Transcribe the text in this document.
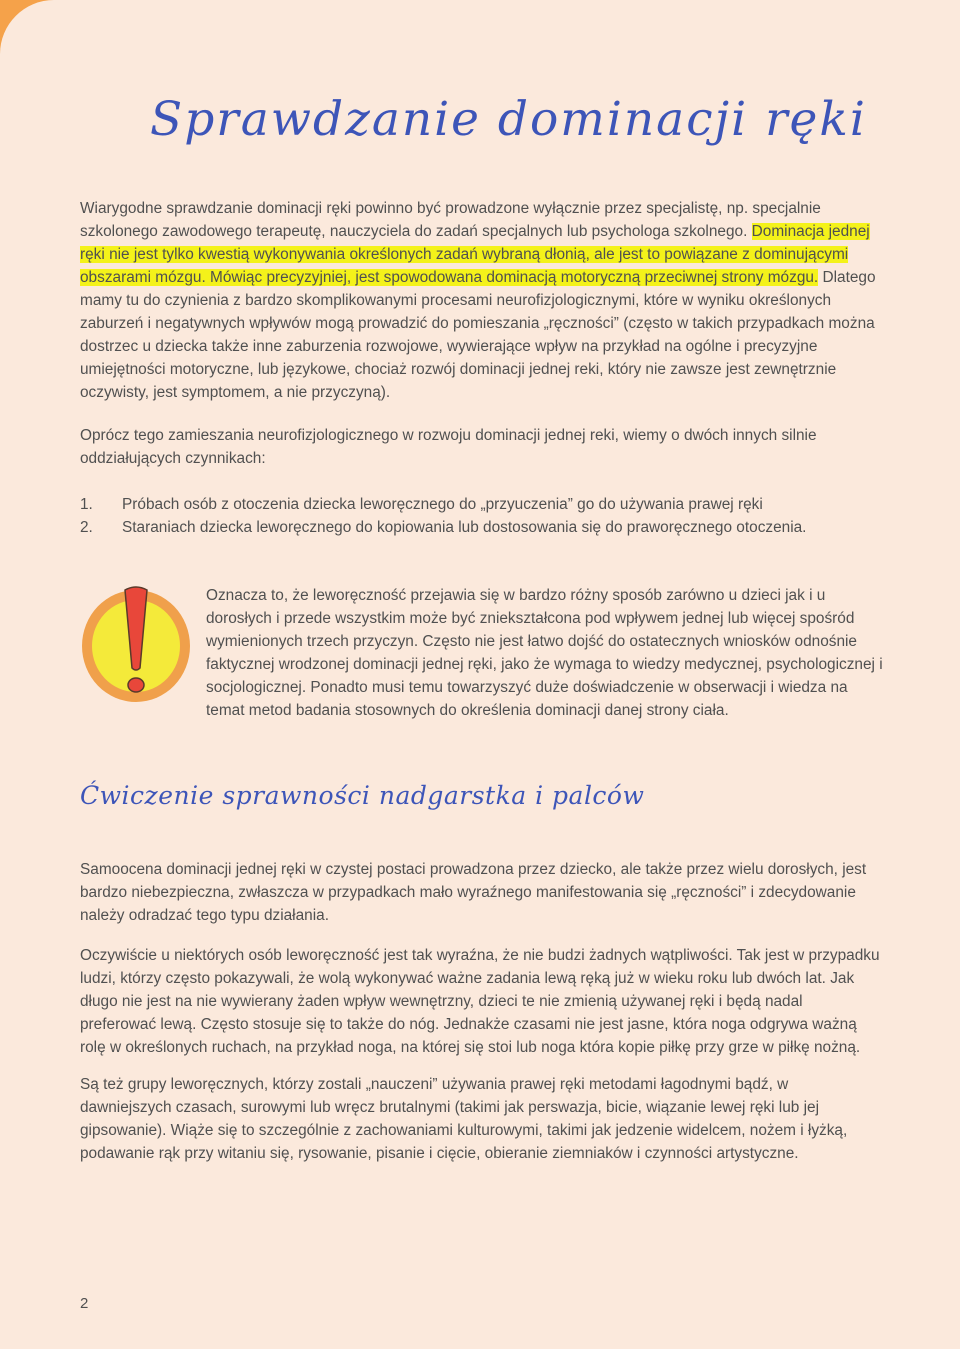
Sprawdzanie dominacji ręki

Wiarygodne sprawdzanie dominacji ręki powinno być prowadzone wyłącznie przez specjalistę, np. specjalnie szkolonego zawodowego terapeutę, nauczyciela do zadań specjalnych lub psychologa szkolnego. Dominacja jednej ręki nie jest tylko kwestią wykonywania określonych zadań wybraną dłonią, ale jest to powiązane z dominującymi obszarami mózgu. Mówiąc precyzyjniej, jest spowodowana dominacją motoryczną przeciwnej strony mózgu. Dlatego mamy tu do czynienia z bardzo skomplikowanymi procesami neurofizjologicznymi, które w wyniku określonych zaburzeń i negatywnych wpływów mogą prowadzić do pomieszania „ręczności” (często w takich przypadkach można dostrzec u dziecka także inne zaburzenia rozwojowe, wywierające wpływ na przykład na ogólne i precyzyjne umiejętności motoryczne, lub językowe, chociaż rozwój dominacji jednej reki, który nie zawsze jest zewnętrznie oczywisty, jest symptomem, a nie przyczyną).

Oprócz tego zamieszania neurofizjologicznego w rozwoju dominacji jednej reki, wiemy o dwóch innych silnie oddziałujących czynnikach:

1.	Próbach osób z otoczenia dziecka leworęcznego do „przyuczenia” go do używania prawej ręki
2.	Staraniach dziecka leworęcznego do kopiowania lub dostosowania się do praworęcznego otoczenia.

Oznacza to, że leworęczność przejawia się w bardzo różny sposób zarówno u dzieci jak i u dorosłych i przede wszystkim może być zniekształcona pod wpływem jednej lub więcej spośród wymienionych trzech przyczyn. Często nie jest łatwo dojść do ostatecznych wniosków odnośnie faktycznej wrodzonej dominacji jednej ręki, jako że wymaga to wiedzy medycznej, psychologicznej i socjologicznej. Ponadto musi temu towarzyszyć duże doświadczenie w obserwacji i wiedza na temat metod badania stosownych do określenia dominacji danej strony ciała.

Ćwiczenie sprawności nadgarstka i palców

Samoocena dominacji jednej ręki w czystej postaci prowadzona przez dziecko, ale także przez wielu dorosłych, jest bardzo niebezpieczna, zwłaszcza w przypadkach mało wyraźnego manifestowania się „ręczności” i zdecydowanie należy odradzać tego typu działania.

Oczywiście u niektórych osób leworęczność jest tak wyraźna, że nie budzi żadnych wątpliwości. Tak jest w przypadku ludzi, którzy często pokazywali, że wolą wykonywać ważne zadania lewą ręką już w wieku roku lub dwóch lat. Jak długo nie jest na nie wywierany żaden wpływ wewnętrzny, dzieci te nie zmienią używanej ręki i będą nadal preferować lewą. Często stosuje się to także do nóg. Jednakże czasami nie jest jasne, która noga odgrywa ważną rolę w określonych ruchach, na przykład noga, na której się stoi lub noga która kopie piłkę przy grze w piłkę nożną.

Są też grupy leworęcznych, którzy zostali „nauczeni” używania prawej ręki metodami łagodnymi bądź, w dawniejszych czasach, surowymi lub wręcz brutalnymi (takimi jak perswazja, bicie, wiązanie lewej ręki lub jej gipsowanie). Wiąże się to szczególnie z zachowaniami kulturowymi, takimi jak jedzenie widelcem, nożem i łyżką, podawanie rąk przy witaniu się, rysowanie, pisanie i cięcie, obieranie ziemniaków i czynności artystyczne.

2
